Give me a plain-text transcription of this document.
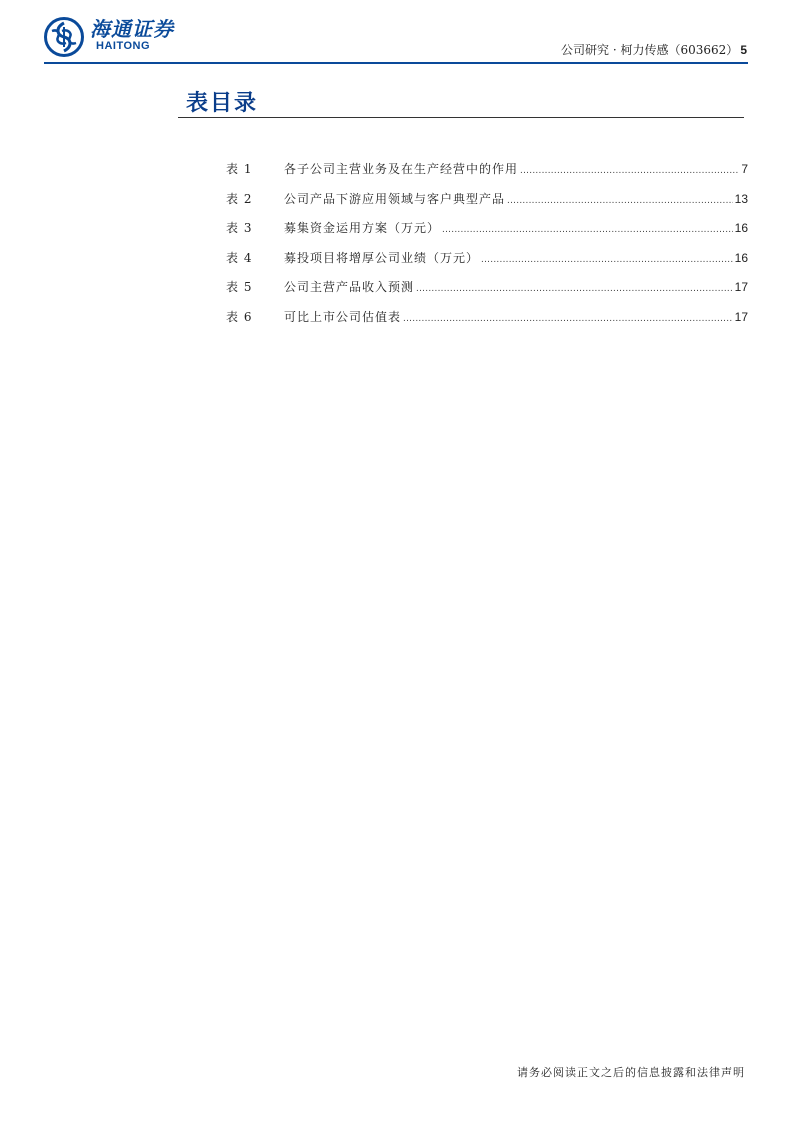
海通证券
HAITONG	公司研究 · 柯力传感（603662） 5
表目录
表 1	各子公司主营业务及在生产经营中的作用 .....	7
表 2	公司产品下游应用领域与客户典型产品 .....	13
表 3	募集资金运用方案（万元） .....	16
表 4	募投项目将增厚公司业绩（万元） .....	16
表 5	公司主营产品收入预测 .....	17
表 6	可比上市公司估值表 .....	17
请务必阅读正文之后的信息披露和法律声明
